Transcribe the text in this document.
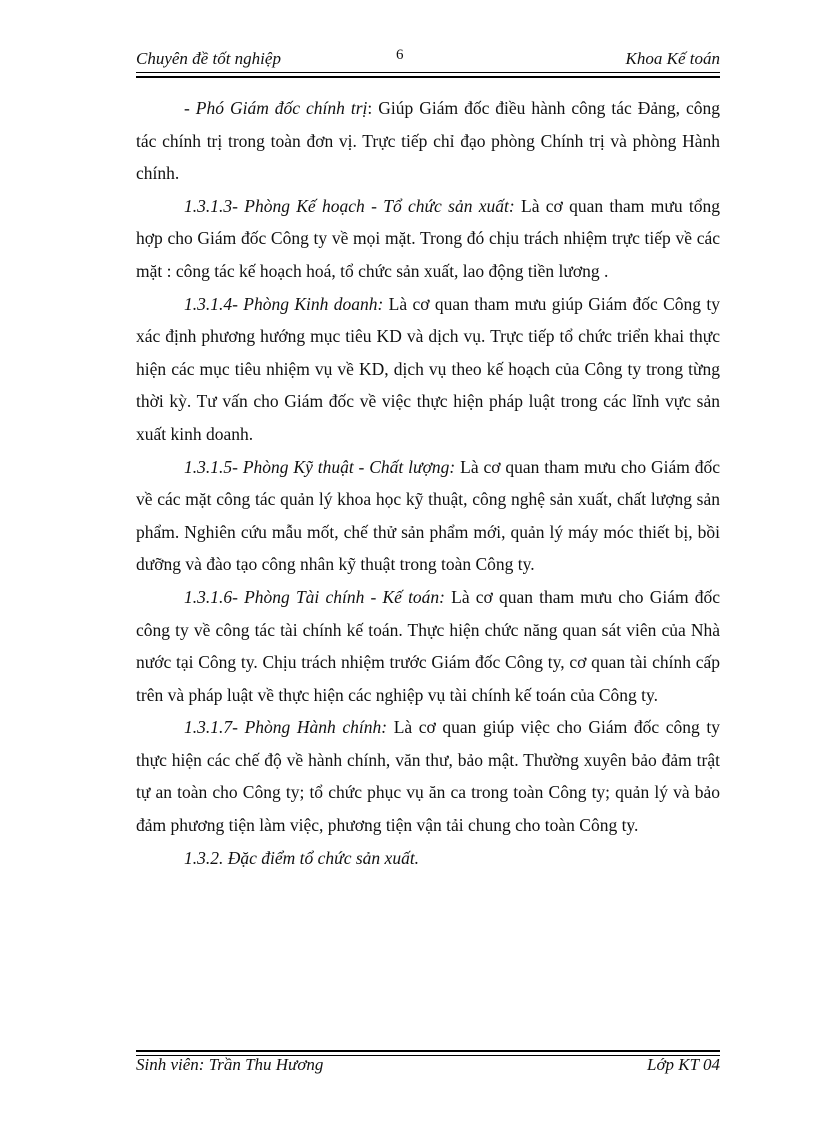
Chuyên đề tốt nghiệp	6	Khoa Kế toán

- Phó Giám đốc chính trị: Giúp Giám đốc điều hành công tác Đảng, công tác chính trị trong toàn đơn vị. Trực tiếp chỉ đạo phòng Chính trị và phòng Hành chính.

1.3.1.3- Phòng Kế hoạch - Tổ chức sản xuất: Là cơ quan tham mưu tổng hợp cho Giám đốc Công ty về mọi mặt. Trong đó chịu trách nhiệm trực tiếp về các mặt : công tác kế hoạch hoá, tổ chức sản xuất, lao động tiền lương .

1.3.1.4- Phòng Kinh doanh: Là cơ quan tham mưu giúp Giám đốc Công ty xác định phương hướng mục tiêu KD và dịch vụ. Trực tiếp tổ chức triển khai thực hiện các mục tiêu nhiệm vụ về KD, dịch vụ theo kế hoạch của Công ty trong từng thời kỳ. Tư vấn cho Giám đốc về việc thực hiện pháp luật trong các lĩnh vực sản xuất kinh doanh.

1.3.1.5- Phòng Kỹ thuật - Chất lượng: Là cơ quan tham mưu cho Giám đốc về các mặt công tác quản lý khoa học kỹ thuật, công nghệ sản xuất, chất lượng sản phẩm. Nghiên cứu mẫu mốt, chế thử sản phẩm mới, quản lý máy móc thiết bị, bồi dưỡng và đào tạo công nhân kỹ thuật trong toàn Công ty.

1.3.1.6- Phòng Tài chính - Kế toán: Là cơ quan tham mưu cho Giám đốc công ty về công tác tài chính kế toán. Thực hiện chức năng quan sát viên của Nhà nước tại Công ty. Chịu trách nhiệm trước Giám đốc Công ty, cơ quan tài chính cấp trên và pháp luật về thực hiện các nghiệp vụ tài chính kế toán của Công ty.

1.3.1.7- Phòng Hành chính: Là cơ quan giúp việc cho Giám đốc công ty thực hiện các chế độ về hành chính, văn thư, bảo mật. Thường xuyên bảo đảm trật tự an toàn cho Công ty; tổ chức phục vụ ăn ca trong toàn Công ty; quản lý và bảo đảm phương tiện làm việc, phương tiện vận tải chung cho toàn Công ty.

1.3.2. Đặc điểm tổ chức sản xuất.

Sinh viên: Trần Thu Hương	Lớp KT 04
